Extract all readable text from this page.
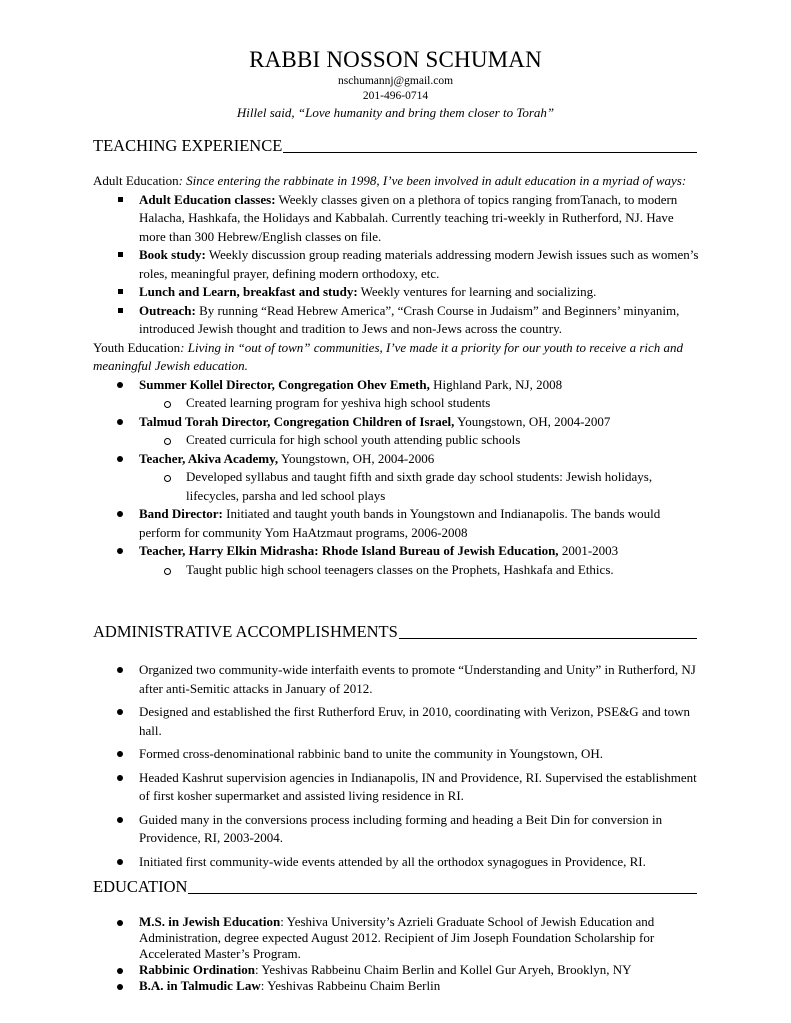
RABBI NOSSON SCHUMAN
nschumannj@gmail.com
201-496-0714
Hillel said, “Love humanity and bring them closer to Torah”
TEACHING EXPERIENCE
Adult Education: Since entering the rabbinate in 1998, I’ve been involved in adult education in a myriad of ways:
Adult Education classes: Weekly classes given on a plethora of topics ranging fromTanach, to modern Halacha, Hashkafa, the Holidays and Kabbalah. Currently teaching tri-weekly in Rutherford, NJ. Have more than 300 Hebrew/English classes on file.
Book study: Weekly discussion group reading materials addressing modern Jewish issues such as women’s roles, meaningful prayer, defining modern orthodoxy, etc.
Lunch and Learn, breakfast and study: Weekly ventures for learning and socializing.
Outreach: By running “Read Hebrew America”, “Crash Course in Judaism” and Beginners’ minyanim, introduced Jewish thought and tradition to Jews and non-Jews across the country.
Youth Education: Living in “out of town” communities, I’ve made it a priority for our youth to receive a rich and meaningful Jewish education.
Summer Kollel Director, Congregation Ohev Emeth, Highland Park, NJ, 2008
Created learning program for yeshiva high school students
Talmud Torah Director, Congregation Children of Israel, Youngstown, OH, 2004-2007
Created curricula for high school youth attending public schools
Teacher, Akiva Academy, Youngstown, OH, 2004-2006
Developed syllabus and taught fifth and sixth grade day school students: Jewish holidays, lifecycles, parsha and led school plays
Band Director: Initiated and taught youth bands in Youngstown and Indianapolis. The bands would perform for community Yom HaAtzmaut programs, 2006-2008
Teacher, Harry Elkin Midrasha: Rhode Island Bureau of Jewish Education, 2001-2003
Taught public high school teenagers classes on the Prophets, Hashkafa and Ethics.
ADMINISTRATIVE ACCOMPLISHMENTS
Organized two community-wide interfaith events to promote “Understanding and Unity” in Rutherford, NJ after anti-Semitic attacks in January of 2012.
Designed and established the first Rutherford Eruv, in 2010, coordinating with Verizon, PSE&G and town hall.
Formed cross-denominational rabbinic band to unite the community in Youngstown, OH.
Headed Kashrut supervision agencies in Indianapolis, IN and Providence, RI. Supervised the establishment of first kosher supermarket and assisted living residence in RI.
Guided many in the conversions process including forming and heading a Beit Din for conversion in Providence, RI, 2003-2004.
Initiated first community-wide events attended by all the orthodox synagogues in Providence, RI.
EDUCATION
M.S. in Jewish Education: Yeshiva University’s Azrieli Graduate School of Jewish Education and Administration, degree expected August 2012. Recipient of Jim Joseph Foundation Scholarship for Accelerated Master’s Program.
Rabbinic Ordination: Yeshivas Rabbeinu Chaim Berlin and Kollel Gur Aryeh, Brooklyn, NY
B.A. in Talmudic Law: Yeshivas Rabbeinu Chaim Berlin
